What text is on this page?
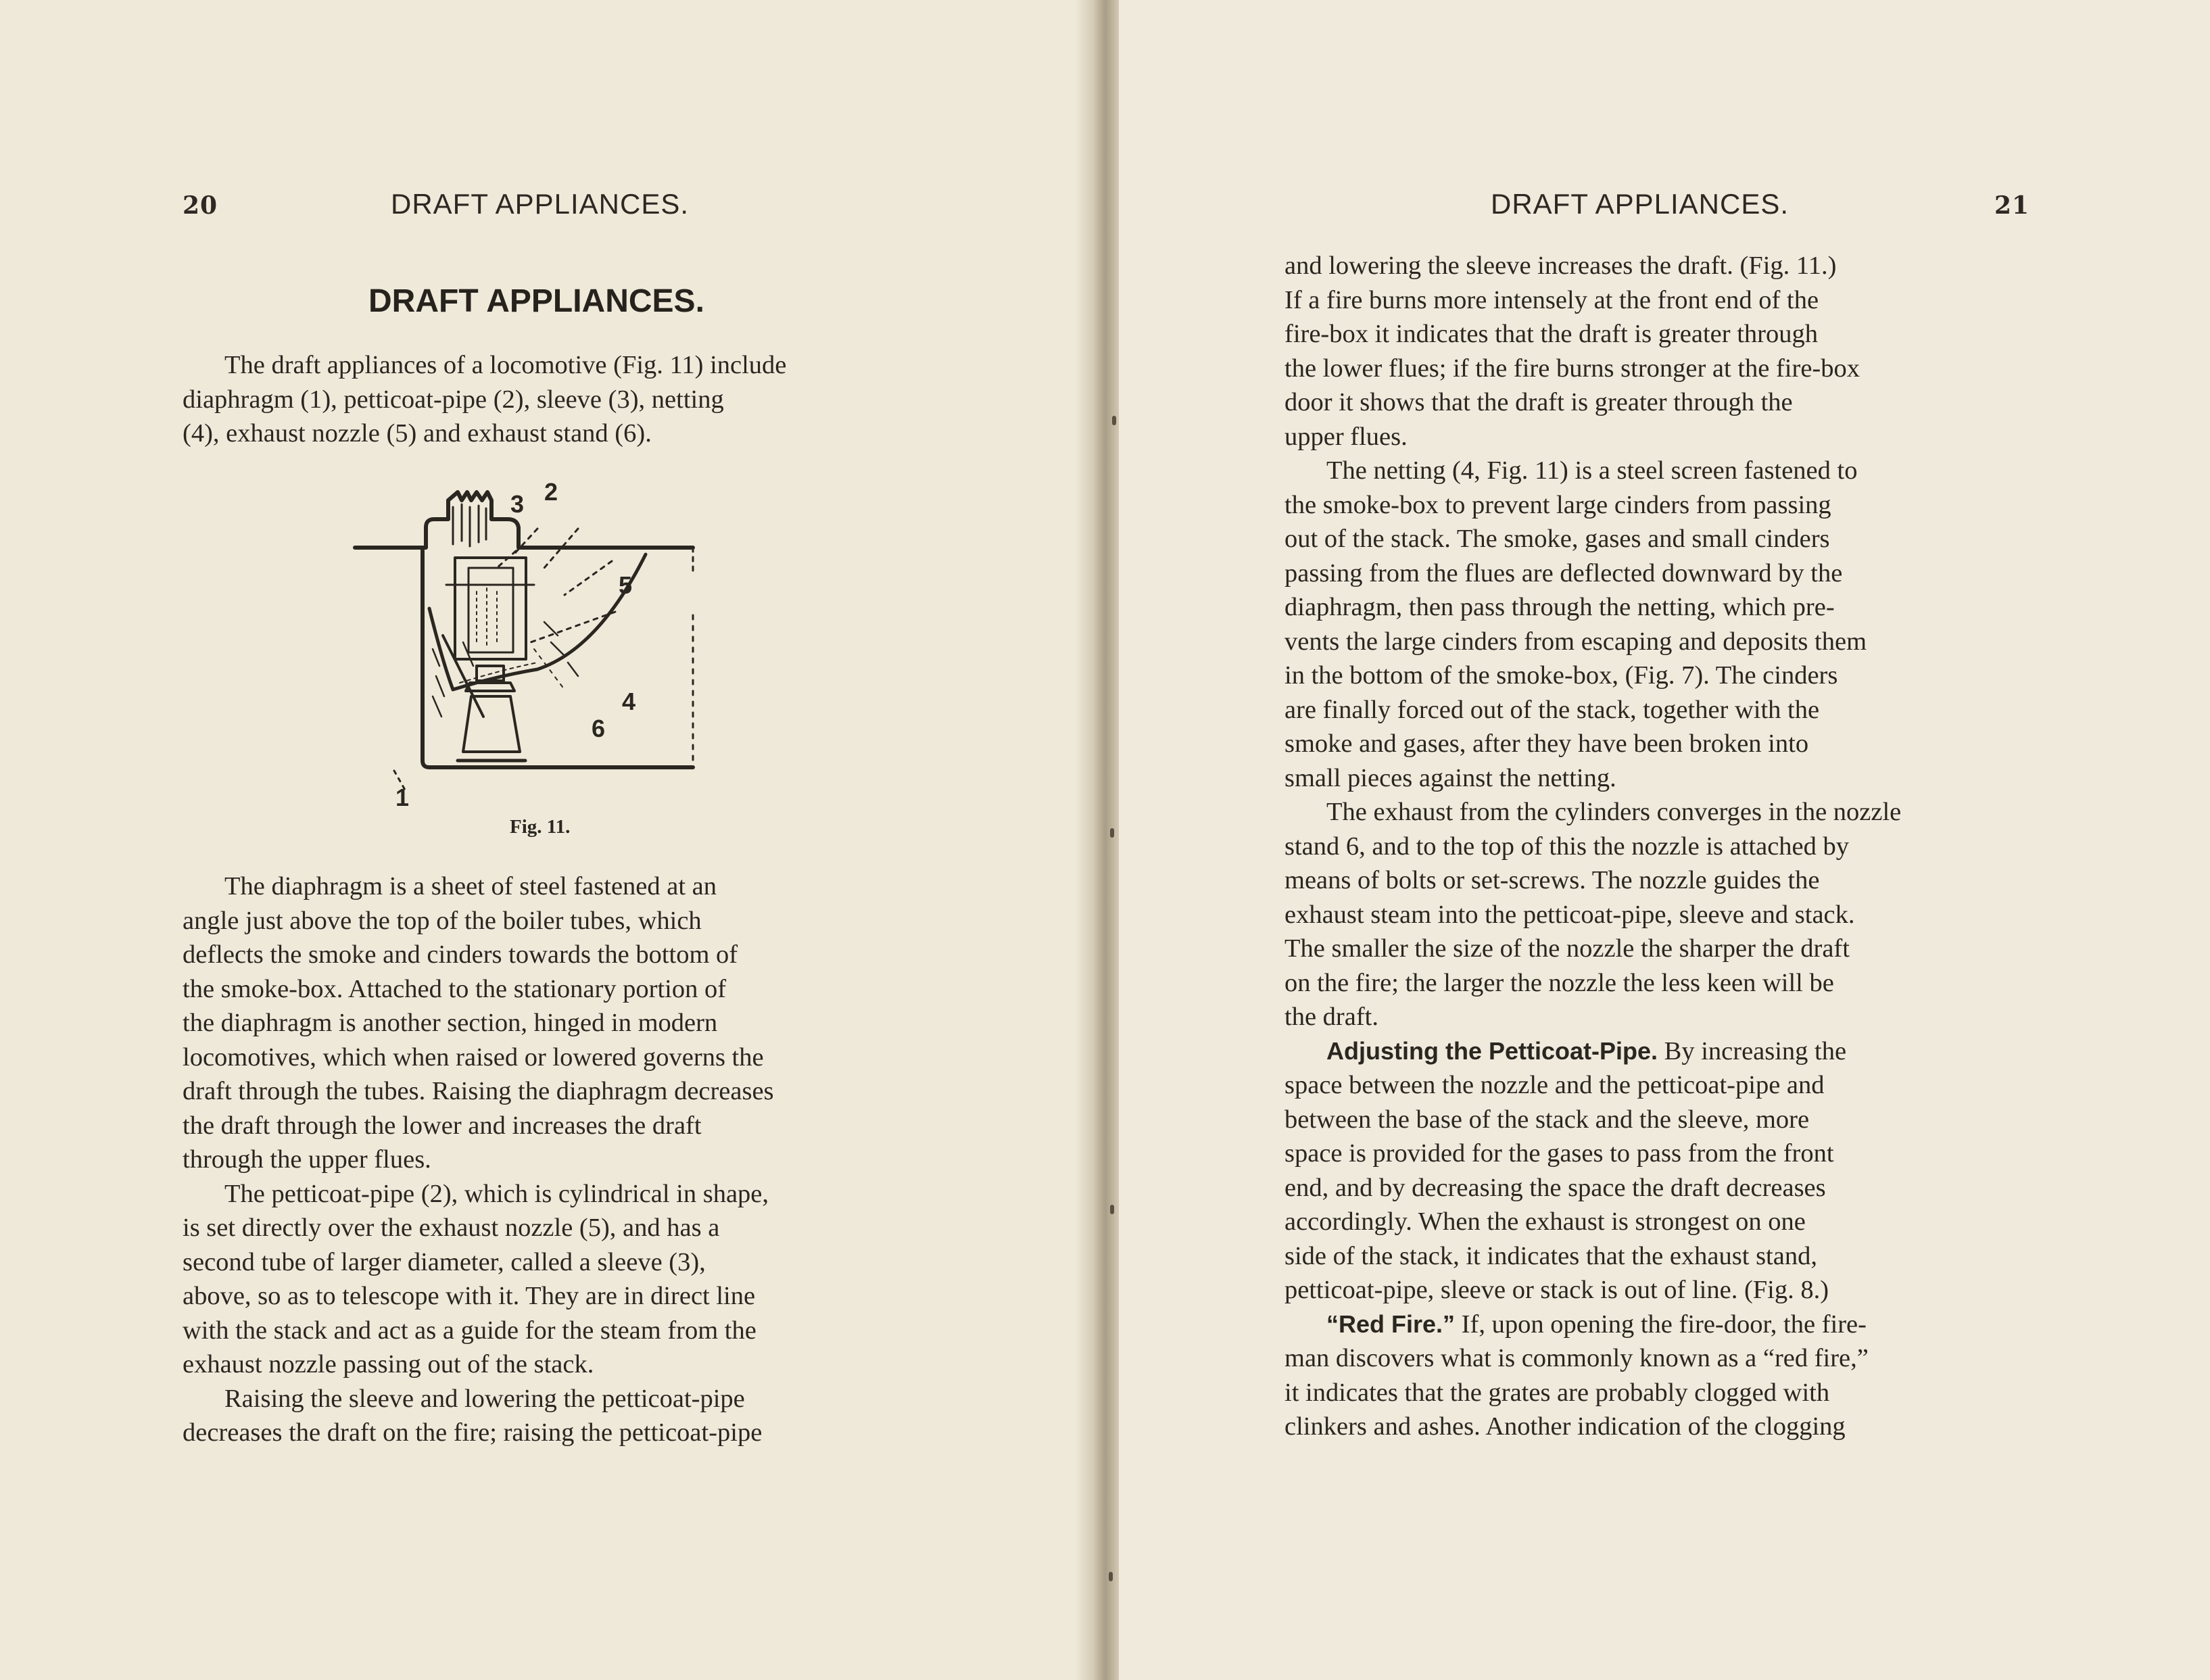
20	DRAFT APPLIANCES.
DRAFT APPLIANCES.
The draft appliances of a locomotive (Fig. 11) include
diaphragm (1), petticoat-pipe (2), sleeve (3), netting
(4), exhaust nozzle (5) and exhaust stand (6).
1
2
3
4
5
6
Fig. 11.
The diaphragm is a sheet of steel fastened at an
angle just above the top of the boiler tubes, which
deflects the smoke and cinders towards the bottom of
the smoke-box. Attached to the stationary portion of
the diaphragm is another section, hinged in modern
locomotives, which when raised or lowered governs the
draft through the tubes. Raising the diaphragm decreases
the draft through the lower and increases the draft
through the upper flues.
The petticoat-pipe (2), which is cylindrical in shape,
is set directly over the exhaust nozzle (5), and has a
second tube of larger diameter, called a sleeve (3),
above, so as to telescope with it. They are in direct line
with the stack and act as a guide for the steam from the
exhaust nozzle passing out of the stack.
Raising the sleeve and lowering the petticoat-pipe
decreases the draft on the fire; raising the petticoat-pipe
DRAFT APPLIANCES.	21
and lowering the sleeve increases the draft. (Fig. 11.)
If a fire burns more intensely at the front end of the
fire-box it indicates that the draft is greater through
the lower flues; if the fire burns stronger at the fire-box
door it shows that the draft is greater through the
upper flues.
The netting (4, Fig. 11) is a steel screen fastened to
the smoke-box to prevent large cinders from passing
out of the stack. The smoke, gases and small cinders
passing from the flues are deflected downward by the
diaphragm, then pass through the netting, which pre-
vents the large cinders from escaping and deposits them
in the bottom of the smoke-box, (Fig. 7). The cinders
are finally forced out of the stack, together with the
smoke and gases, after they have been broken into
small pieces against the netting.
The exhaust from the cylinders converges in the nozzle
stand 6, and to the top of this the nozzle is attached by
means of bolts or set-screws. The nozzle guides the
exhaust steam into the petticoat-pipe, sleeve and stack.
The smaller the size of the nozzle the sharper the draft
on the fire; the larger the nozzle the less keen will be
the draft.
Adjusting the Petticoat-Pipe. By increasing the
space between the nozzle and the petticoat-pipe and
between the base of the stack and the sleeve, more
space is provided for the gases to pass from the front
end, and by decreasing the space the draft decreases
accordingly. When the exhaust is strongest on one
side of the stack, it indicates that the exhaust stand,
petticoat-pipe, sleeve or stack is out of line. (Fig. 8.)
“Red Fire.” If, upon opening the fire-door, the fire-
man discovers what is commonly known as a “red fire,”
it indicates that the grates are probably clogged with
clinkers and ashes. Another indication of the clogging
